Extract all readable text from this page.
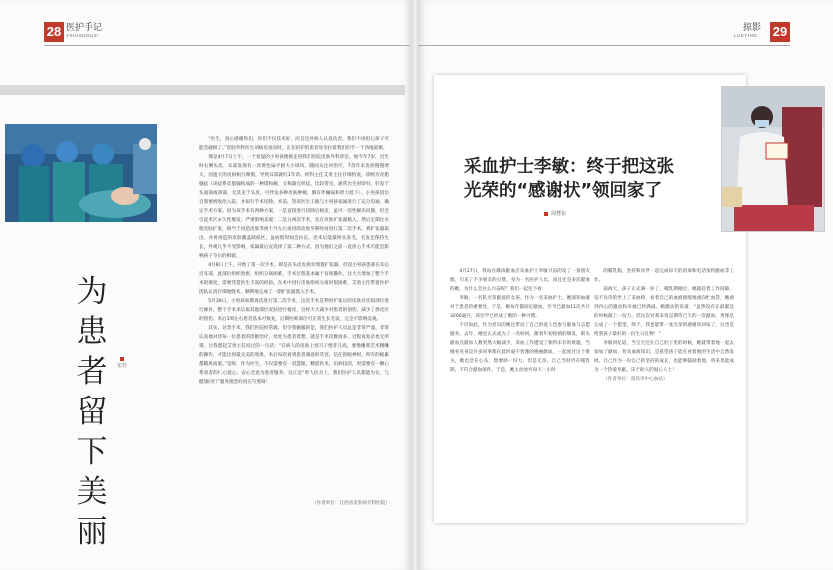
28 医护手记
YIHUSHOUJI
为
患
者
留
下
美
丽
宋佳

“医生，真心感谢你们，你们不仅技术好，而且还对病人认真负责，我们不再担心孩子可能会破相了。”皮肤外科医生刘病房查房时，正在陪护的患者母亲拉着我们的手一个劲地道谢。

那是4月7日上午，一个看湿的小男孩便被走进我们医院皮肤外科诊室。他今年7岁，出生时右侧头皮、耳部发现有一淡黄色扁平圆大小斑块，随间关注何治疗，7余年来皮损慢慢增大，因遗大的皮损相互摩擦，导致耳部就红1年余。经科主任艾勇主任仔细检查，诊断为皮脂腺痣（该痣系皮脂腺构成的一种错构瘤，又称器官样痣。比较常见，通常出生时即有，好发于头面部或颈部，尤其见于头皮，可伴发多种皮肤肿瘤，偶有伴癫痫和智力低下）。小男孩因访自我要被收治入院，并拟行手术切除。术前，管床医生王敏与小男孩家属进行了充分沟通，确定手术方案。因为该手术有两种方案，一是直接进行切除后植皮，虽可一次性解决问题，但会引起术区永久性脱发，严重影响美观；二是分两次手术，先在皮肤扩张器植入，然后定期注水使皮肤扩张，相当于再造皮肤等两个月左右再进的皮肤至够时再进行第二次手术，将扩张器取出，并将再造的皮肤覆盖缺损区，虽病程时间会拉长，但术后能最终头发毛，毛发还保持生长，外观几乎不受影响，家属最后充选择了第二种方式，因为他们之前一直担心手术可能会影响孩子今后的相貌。

4月8日上午，开始了第一次手术，即是在头皮皮损旁埋置扩张器，但因小男孩患部在耳后近耳部，此部位组织致密，组织分离困难，手术过程基本属于盲视操作，这大大增加了整个手术的难度，需要凭借医生丰富的经验。在术中进行皮肤组织分离时很困难，艾勇主任带着医护团队认真仔细地缝术，顺利地完成了一期扩张器置入手术。

5月30日，小男孩如期再次进行第二次手术，这次手术是利用扩张后的皮肤对皮损部位进行修补，整个手术术后取其他部位皮肤进行植皮，这样大大减少对患者的创伤，减少了供皮区的创伤。术后1周左右患者基本可恢复，后期医师部位可正常生长毛发，完全不影响美观。

其实，这类手术，我们医院经常做，但令我佩服的是，我们医护人员总是非常严谨、非常认真地对待每一位患者的诊断治疗，处处为患者着想，就是手术次数再多，过程再复杂也无所谓，让我想起艾勇主任说过的一句话：“在病人的皮肤上划刀子绝非儿戏，要像雕刻艺术精雕的操作，才能达到最完美的效果，术后每次看到患者满意的笑容，信任的眼神时，所有的疲累都随风而逝。”是呀，作为医生，不仅需要有一双慧眼，精湛医术，识病技的，更需要有一颗心系患者的仁心爱心，安心全意为患者服务，这正是“奉人民为上，我们医护人员都能为女，与健康同行”服务理念的真实写照呀！

（作者单位：江西省皮肤病专科医院）
29
掠影
LUEYING
采血护士李敏：终于把这张
光荣的“感谢状”领回家了
周慧东

4月27日，我站在赣南献血点采血护士李敏兴奋的发了一条朋友圈，引来了不少朋友的点赞。身为一名医护人员，而且还是多次献血的她，为什么会这么兴奋呢？我们一起往下看：

李敏，一名私光荣献爱的女孩。作为一名采血护士，她深知血液对于患者的重要性。于是，她每年都固定献血，至今已献血11次共计3200毫升，该位学已经成了她的一种习惯。

不仅如此，作为党员的她还带动了自己的爱人也参与献血与志愿服务。去年，她也正式成为了一名妈妈，随着年初疫情的爆发，街头献血点献血人数突然大幅减少，采血工作遭受了相所未有的难题，当她看见身边许多同事都在此时毫不犹豫的挽袖献血，一起度过这个难关，她也急在心头，想要助一份力。但是无奈，自己当时仍在哺乳期，不符合献血条件。于是，她主动放弃每天一小时

的哺乳假，坚持和伙伴一起完成每天的消毒和电话预约献血等工作。

前两天，孩子正式满一岁了，哺乳期刚过，她就赶着工作间隙，迫不及待的坐上了采血椅，看着自己的血液缓缓地流向贮血袋，她感到内心的激动和幸福已经满溢。她激动的说道：“虽然没有在最紧急的时候献上一份力，但这次对我来说是期待已久的一次献血，更像是完成了一个愿望，终于，我也能带一张光荣的感谢状回家了，这也是给我孩子最好的一份生日礼物！”

李敏回忆道，当宝宝还在自己肚子里的时候，她就带着他一起去参加了献血，普及血液知识，是希望孩子能在看着他的生活中自然发展，自己作为一份自己的坚持的成长，也能够鼓励着他，将来也能成为一个热爱奉献、乐于助人的爱心人士！

（作者单位：南昌市中心血站）
